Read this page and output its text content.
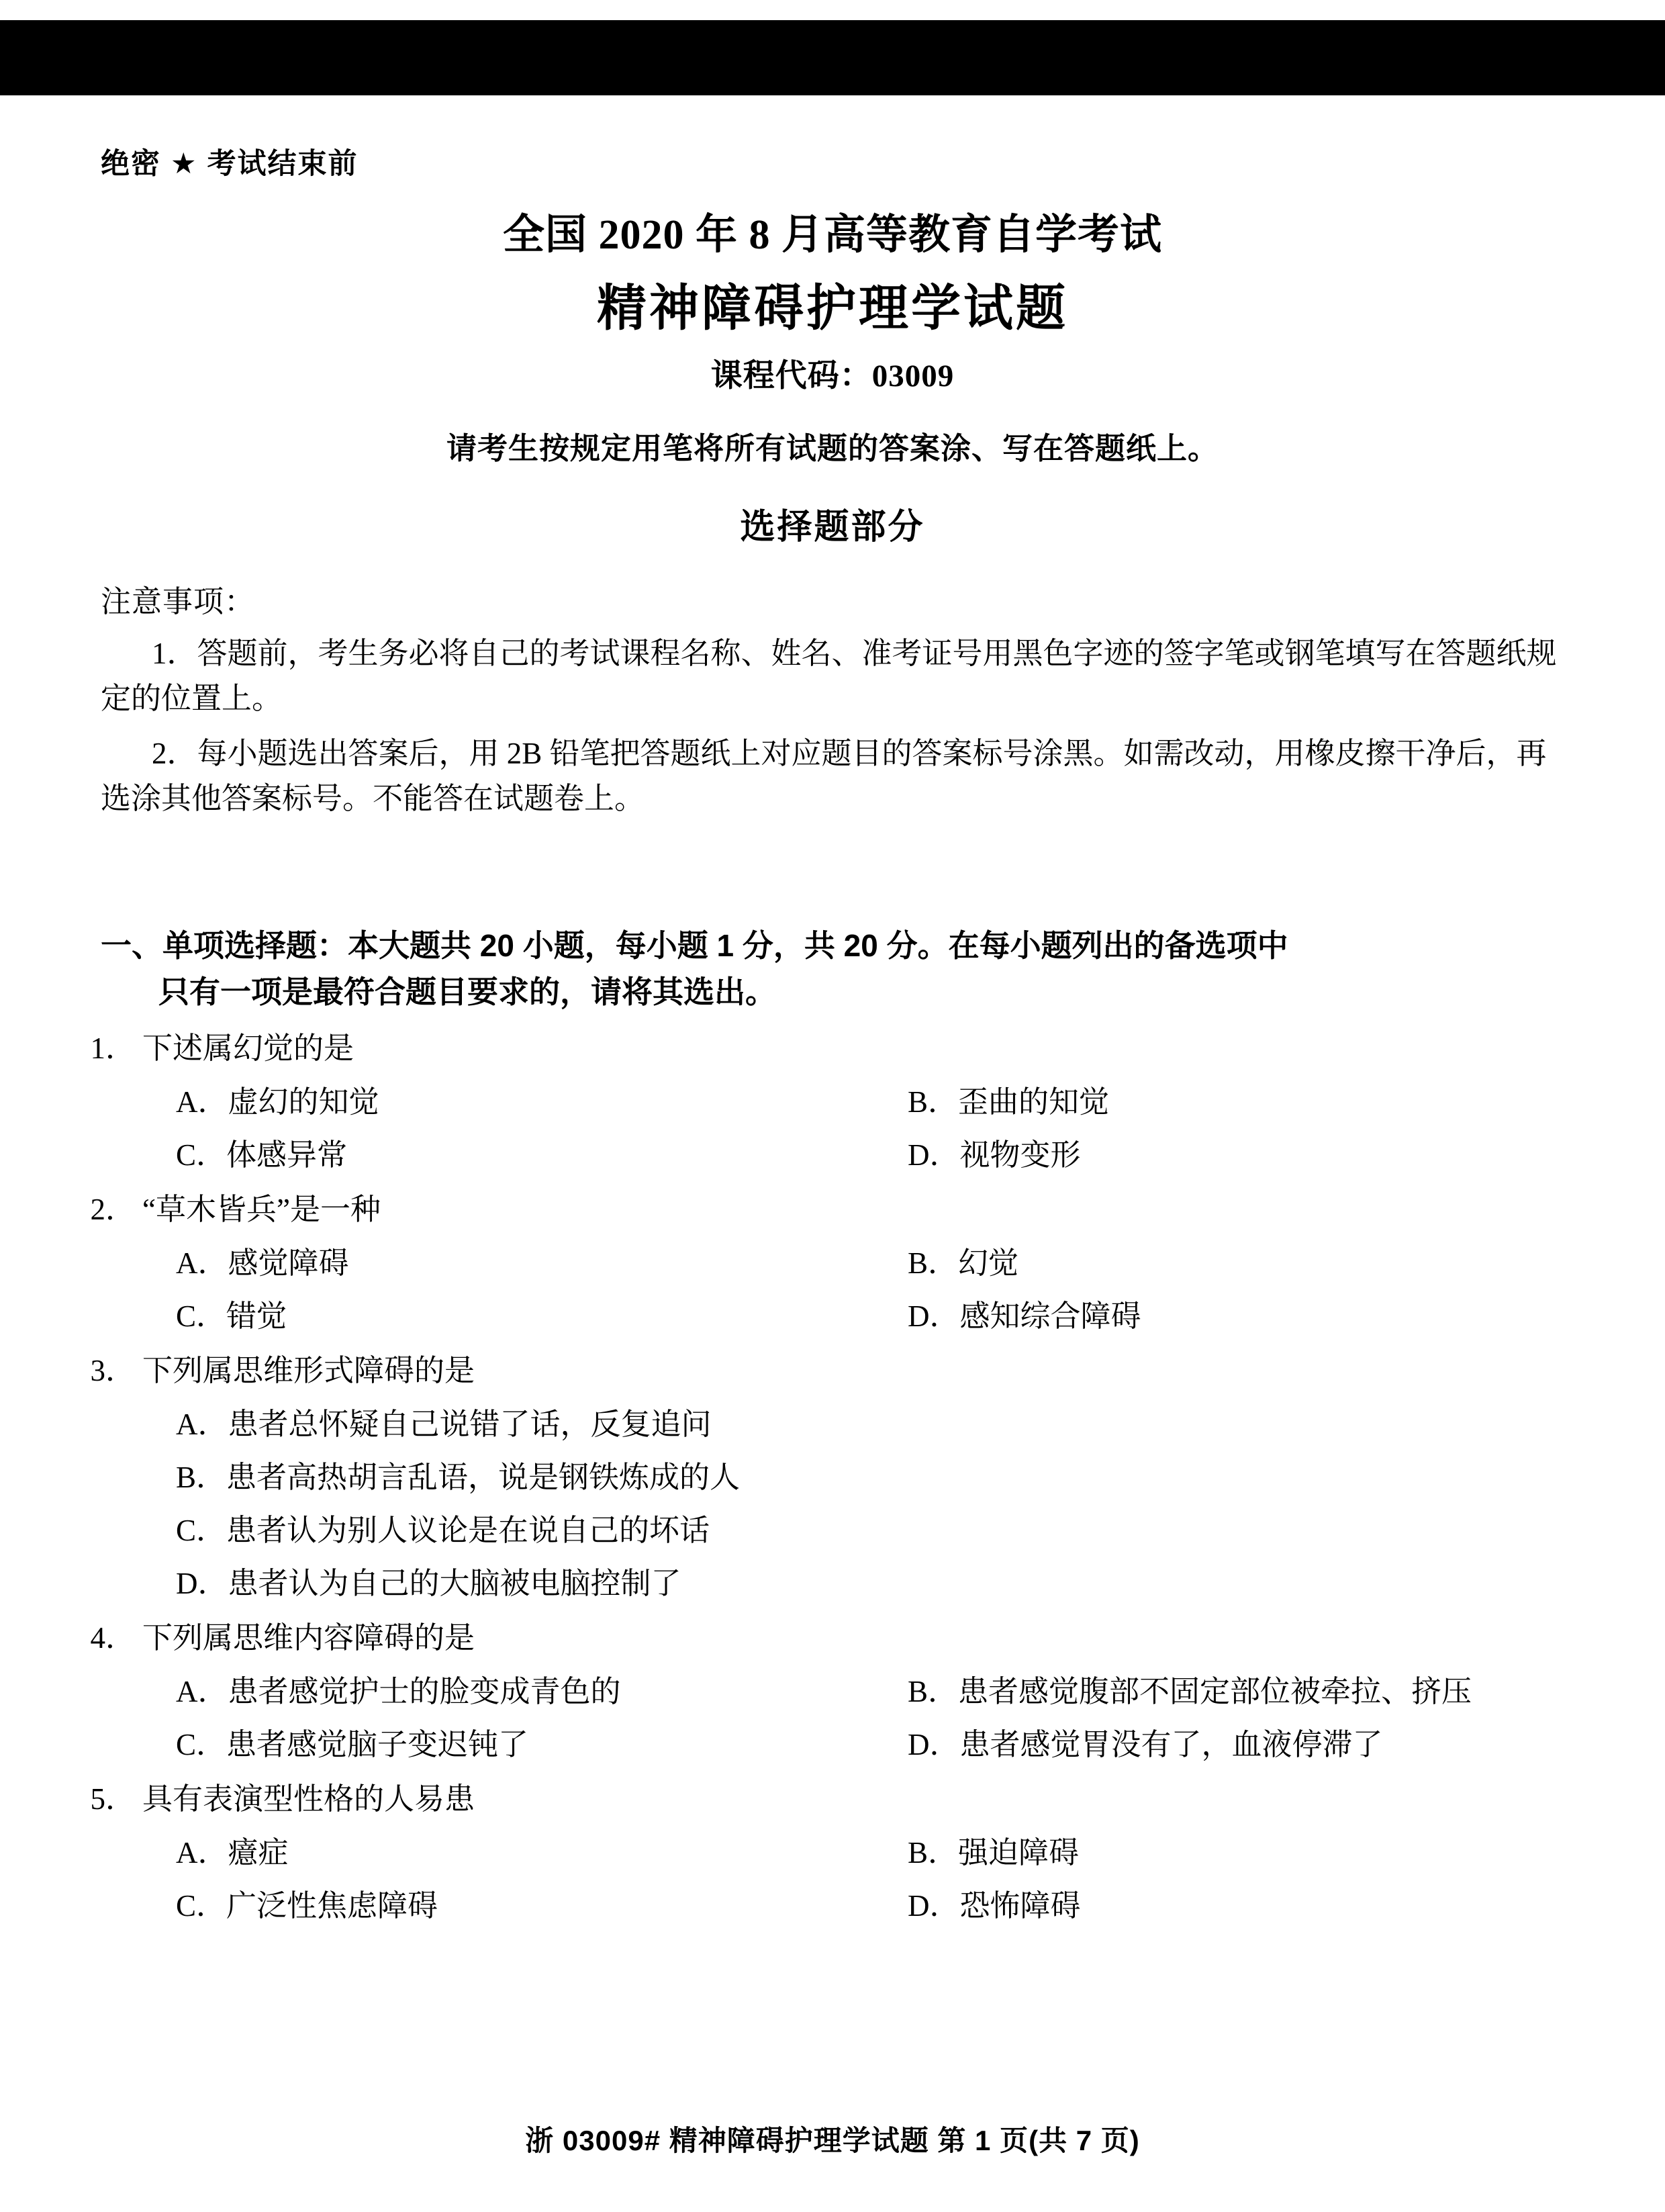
绝密 ★ 考试结束前
全国 2020 年 8 月高等教育自学考试
精神障碍护理学试题
课程代码：03009
请考生按规定用笔将所有试题的答案涂、写在答题纸上。
选择题部分
注意事项：
1．答题前，考生务必将自己的考试课程名称、姓名、准考证号用黑色字迹的签字笔或钢笔填写在答题纸规定的位置上。
2．每小题选出答案后，用 2B 铅笔把答题纸上对应题目的答案标号涂黑。如需改动，用橡皮擦干净后，再选涂其他答案标号。不能答在试题卷上。
一、单项选择题：本大题共 20 小题，每小题 1 分，共 20 分。在每小题列出的备选项中
只有一项是最符合题目要求的，请将其选出。
1． 下述属幻觉的是
A．虚幻的知觉	B．歪曲的知觉
C．体感异常	D．视物变形
2． “草木皆兵”是一种
A．感觉障碍	B．幻觉
C．错觉	D．感知综合障碍
3． 下列属思维形式障碍的是
A．患者总怀疑自己说错了话，反复追问
B．患者高热胡言乱语，说是钢铁炼成的人
C．患者认为别人议论是在说自己的坏话
D．患者认为自己的大脑被电脑控制了
4． 下列属思维内容障碍的是
A．患者感觉护士的脸变成青色的	B．患者感觉腹部不固定部位被牵拉、挤压
C．患者感觉脑子变迟钝了	D．患者感觉胃没有了，血液停滞了
5． 具有表演型性格的人易患
A．癔症	B．强迫障碍
C．广泛性焦虑障碍	D．恐怖障碍
浙 03009# 精神障碍护理学试题 第 1 页(共 7 页)
